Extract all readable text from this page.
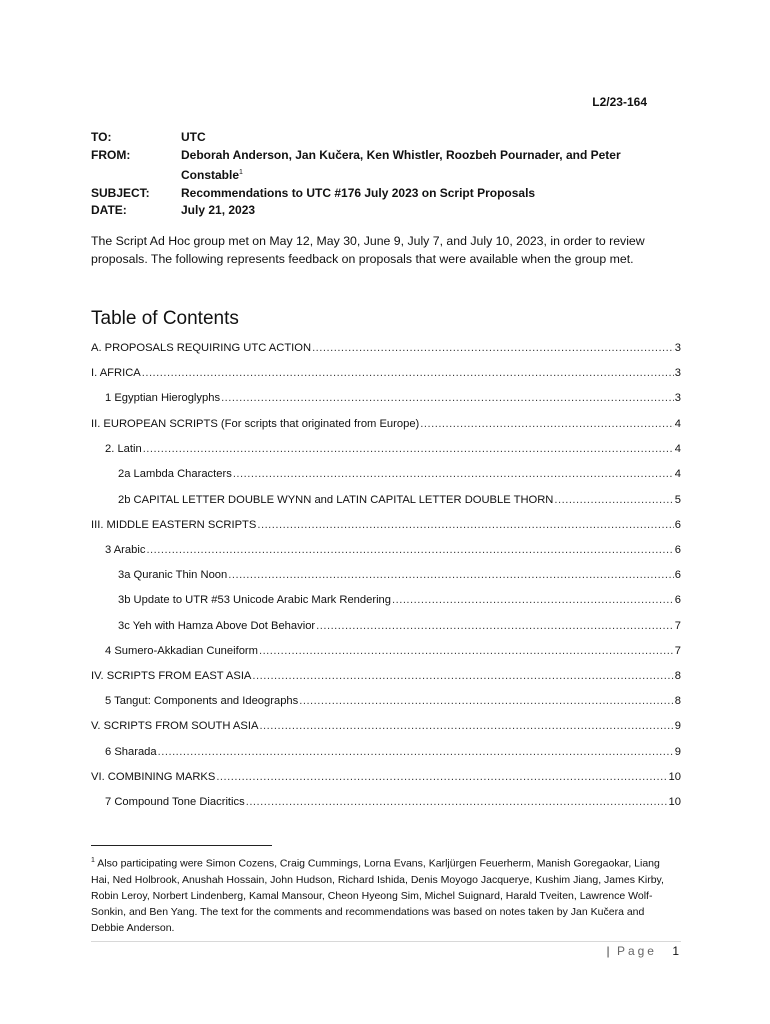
L2/23-164
TO:	UTC
FROM:	Deborah Anderson, Jan Kučera, Ken Whistler, Roozbeh Pournader, and Peter
Constable$^1$
SUBJECT:	Recommendations to UTC #176 July 2023 on Script Proposals
DATE:	July 21, 2023
The Script Ad Hoc group met on May 12, May 30, June 9, July 7, and July 10, 2023, in order to review proposals. The following represents feedback on proposals that were available when the group met.
Table of Contents
A. PROPOSALS REQUIRING UTC ACTION .....	3
I. AFRICA .....	3
1 Egyptian Hieroglyphs .....	3
II. EUROPEAN SCRIPTS (For scripts that originated from Europe) .....	4
2. Latin .....	4
2a Lambda Characters .....	4
2b CAPITAL LETTER DOUBLE WYNN and LATIN CAPITAL LETTER DOUBLE THORN .....	5
III. MIDDLE EASTERN SCRIPTS .....	6
3 Arabic .....	6
3a Quranic Thin Noon .....	6
3b Update to UTR #53 Unicode Arabic Mark Rendering .....	6
3c Yeh with Hamza Above Dot Behavior .....	7
4 Sumero-Akkadian Cuneiform .....	7
IV. SCRIPTS FROM EAST ASIA .....	8
5 Tangut: Components and Ideographs .....	8
V. SCRIPTS FROM SOUTH ASIA .....	9
6 Sharada .....	9
VI. COMBINING MARKS .....	10
7 Compound Tone Diacritics .....	10
$^1$ Also participating were Simon Cozens, Craig Cummings, Lorna Evans, Karljürgen Feuerherm, Manish Goregaokar, Liang Hai, Ned Holbrook, Anushah Hossain, John Hudson, Richard Ishida, Denis Moyogo Jacquerye, Kushim Jiang, James Kirby, Robin Leroy, Norbert Lindenberg, Kamal Mansour, Cheon Hyeong Sim, Michel Suignard, Harald Tveiten, Lawrence Wolf-Sonkin, and Ben Yang. The text for the comments and recommendations was based on notes taken by Jan Kučera and Debbie Anderson.
| Page 1
